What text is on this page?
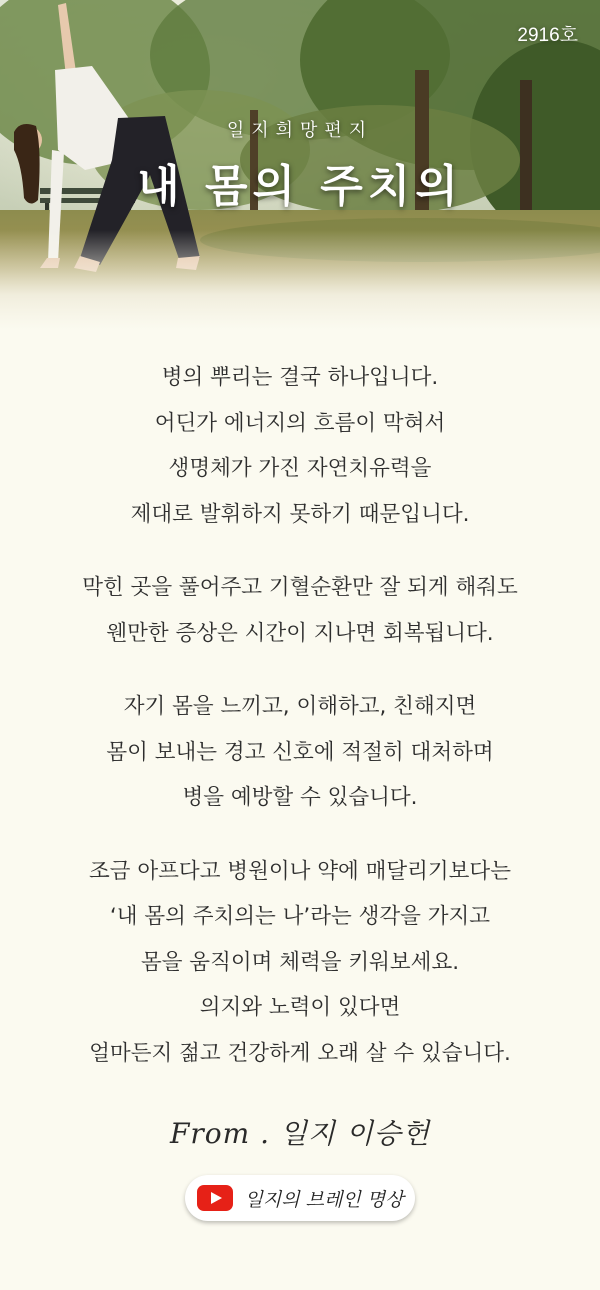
2916호
일지희망편지
내 몸의 주치의
병의 뿌리는 결국 하나입니다.
어딘가 에너지의 흐름이 막혀서
생명체가 가진 자연치유력을
제대로 발휘하지 못하기 때문입니다.
막힌 곳을 풀어주고 기혈순환만 잘 되게 해줘도
웬만한 증상은 시간이 지나면 회복됩니다.
자기 몸을 느끼고, 이해하고, 친해지면
몸이 보내는 경고 신호에 적절히 대처하며
병을 예방할 수 있습니다.
조금 아프다고 병원이나 약에 매달리기보다는
‘내 몸의 주치의는 나’라는 생각을 가지고
몸을 움직이며 체력을 키워보세요.
의지와 노력이 있다면
얼마든지 젊고 건강하게 오래 살 수 있습니다.
From . 일지 이승헌
일지의 브레인 명상
